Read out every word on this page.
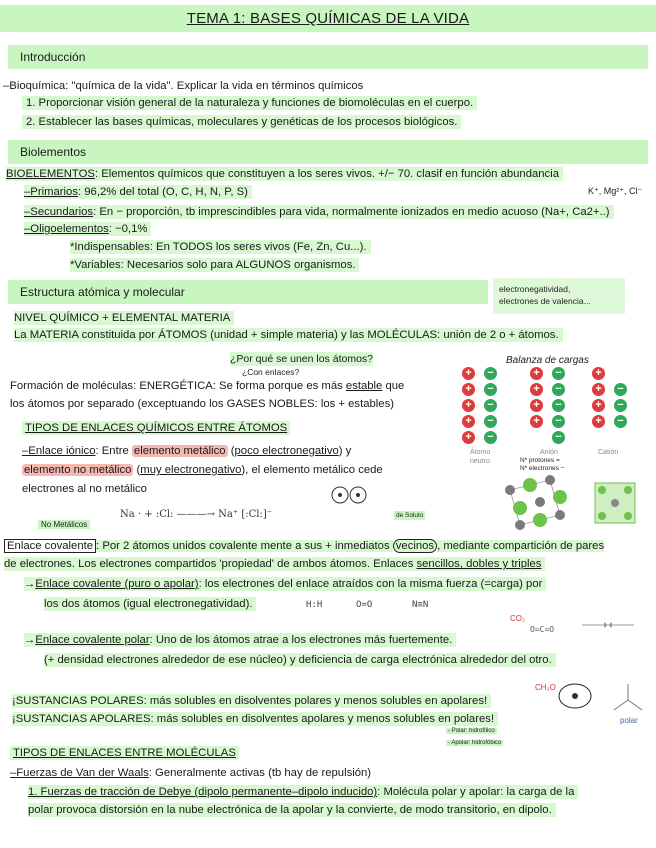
TEMA 1: BASES QUÍMICAS DE LA VIDA
Introducción
–Bioquímica: "química de la vida". Explicar la vida en términos químicos
1. Proporcionar visión general de la naturaleza y funciones de biomoléculas en el cuerpo.
2. Establecer las bases químicas, moleculares y genéticas de los procesos biológicos.
Biolementos
BIOELEMENTOS: Elementos químicos que constituyen a los seres vivos. +/− 70. clasif en función abundancia
–Primarios: 96,2% del total (O, C, H, N, P, S)	K⁺, Mg²⁺, Cl⁻
–Secundarios: En − proporción, tb imprescindibles para vida, normalmente ionizados en medio acuoso (Na+, Ca2+..)
–Oligoelementos: −0,1%
*Indispensables: En TODOS los seres vivos (Fe, Zn, Cu...).
*Variables: Necesarios solo para ALGUNOS organismos.
Estructura atómica y molecular	electronegatividad,
electrones de valencia...
NIVEL QUÍMICO + ELEMENTAL MATERIA
La MATERIA constituida por ÁTOMOS (unidad + simple materia) y las MOLÉCULAS: unión de 2 o + átomos.
¿Por qué se unen los átomos?
¿Con enlaces?
Formación de moléculas: ENERGÉTICA: Se forma porque es más estable que
los átomos por separado (exceptuando los GASES NOBLES: los + estables)
TIPOS DE ENLACES QUÍMICOS ENTRE ÁTOMOS
–Enlace iónico: Entre elemento metálico (poco electronegativo) y
elemento no metálico (muy electronegativo), el elemento metálico cede
electrones al no metálico
Balanza de cargas
+ −
+ −
+ −
+ −
+ −
+ −
+ −
+ −
+ −
−
+
+ −
+ −
+ −
Átomo
neutro
Anión	Catión
Nº protones =
Nº electrones −
Na · + :Cl: ———→ Na⁺ [:Cl:]⁻	de Soluto
No Metálicos
Enlace covalente : Por 2 átomos unidos covalente mente a sus + inmediatos vecinos , mediante compartición de pares
de electrones. Los electrones compartidos 'propiedad' de ambos átomos. Enlaces sencillos, dobles y triples
→Enlace covalente (puro o apolar): los electrones del enlace atraídos con la misma fuerza (=carga) por
los dos átomos (igual electronegatividad).	H:H	O=O	N≡N
→Enlace covalente polar: Uno de los átomos atrae a los electrones más fuertemente.
(+ densidad electrones alrededor de ese núcleo) y deficiencia de carga electrónica alrededor del otro.
CO₂
O=C=O
¡SUSTANCIAS POLARES: más solubles en disolventes polares y menos solubles en apolares!
¡SUSTANCIAS APOLARES: más solubles en disolventes apolares y menos solubles en polares!
CH₂O
polar
- Polar: hidrofílico
- Apolar: hidrofóbico
TIPOS DE ENLACES ENTRE MOLÉCULAS
–Fuerzas de Van der Waals: Generalmente activas (tb hay de repulsión)
1. Fuerzas de tracción de Debye (dipolo permanente–dipolo inducido): Molécula polar y apolar: la carga de la
polar provoca distorsión en la nube electrónica de la apolar y la convierte, de modo transitorio, en dipolo.
